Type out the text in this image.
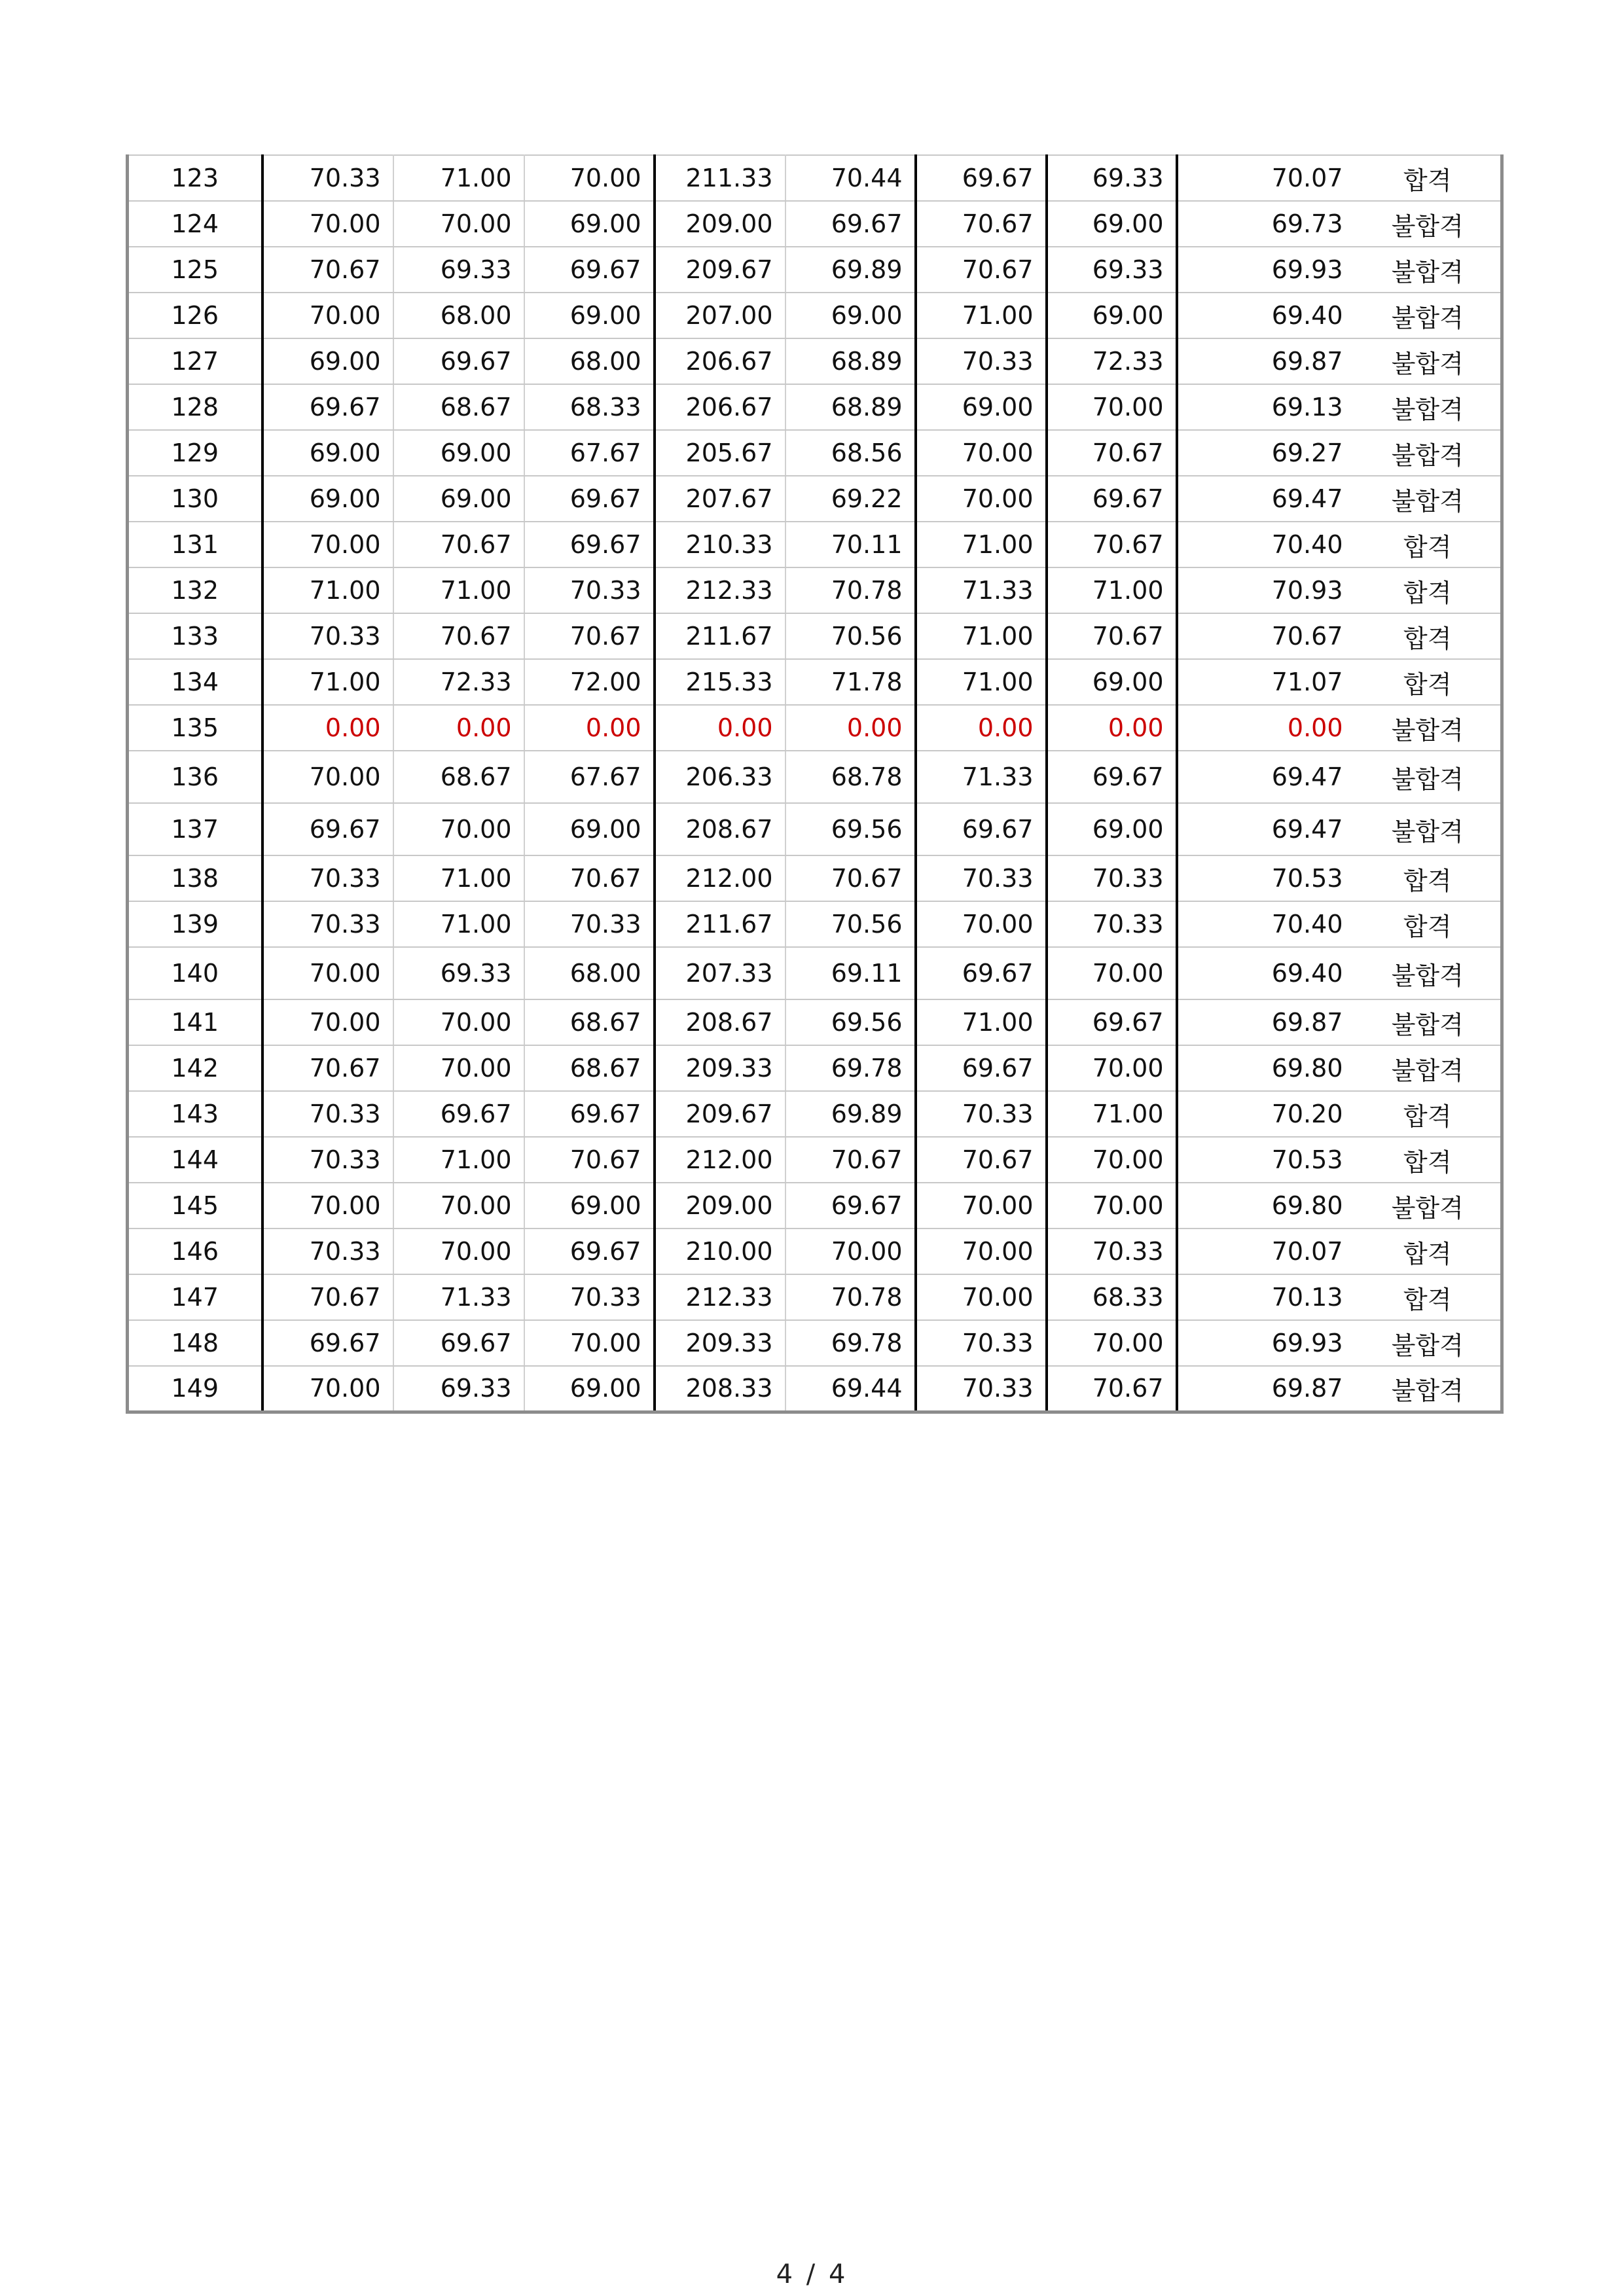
123	70.33	71.00	70.00	211.33	70.44	69.67	69.33	70.07	합격
124	70.00	70.00	69.00	209.00	69.67	70.67	69.00	69.73	불합격
125	70.67	69.33	69.67	209.67	69.89	70.67	69.33	69.93	불합격
126	70.00	68.00	69.00	207.00	69.00	71.00	69.00	69.40	불합격
127	69.00	69.67	68.00	206.67	68.89	70.33	72.33	69.87	불합격
128	69.67	68.67	68.33	206.67	68.89	69.00	70.00	69.13	불합격
129	69.00	69.00	67.67	205.67	68.56	70.00	70.67	69.27	불합격
130	69.00	69.00	69.67	207.67	69.22	70.00	69.67	69.47	불합격
131	70.00	70.67	69.67	210.33	70.11	71.00	70.67	70.40	합격
132	71.00	71.00	70.33	212.33	70.78	71.33	71.00	70.93	합격
133	70.33	70.67	70.67	211.67	70.56	71.00	70.67	70.67	합격
134	71.00	72.33	72.00	215.33	71.78	71.00	69.00	71.07	합격
135	0.00	0.00	0.00	0.00	0.00	0.00	0.00	0.00	불합격
136	70.00	68.67	67.67	206.33	68.78	71.33	69.67	69.47	불합격
137	69.67	70.00	69.00	208.67	69.56	69.67	69.00	69.47	불합격
138	70.33	71.00	70.67	212.00	70.67	70.33	70.33	70.53	합격
139	70.33	71.00	70.33	211.67	70.56	70.00	70.33	70.40	합격
140	70.00	69.33	68.00	207.33	69.11	69.67	70.00	69.40	불합격
141	70.00	70.00	68.67	208.67	69.56	71.00	69.67	69.87	불합격
142	70.67	70.00	68.67	209.33	69.78	69.67	70.00	69.80	불합격
143	70.33	69.67	69.67	209.67	69.89	70.33	71.00	70.20	합격
144	70.33	71.00	70.67	212.00	70.67	70.67	70.00	70.53	합격
145	70.00	70.00	69.00	209.00	69.67	70.00	70.00	69.80	불합격
146	70.33	70.00	69.67	210.00	70.00	70.00	70.33	70.07	합격
147	70.67	71.33	70.33	212.33	70.78	70.00	68.33	70.13	합격
148	69.67	69.67	70.00	209.33	69.78	70.33	70.00	69.93	불합격
149	70.00	69.33	69.00	208.33	69.44	70.33	70.67	69.87	불합격
4 / 4
